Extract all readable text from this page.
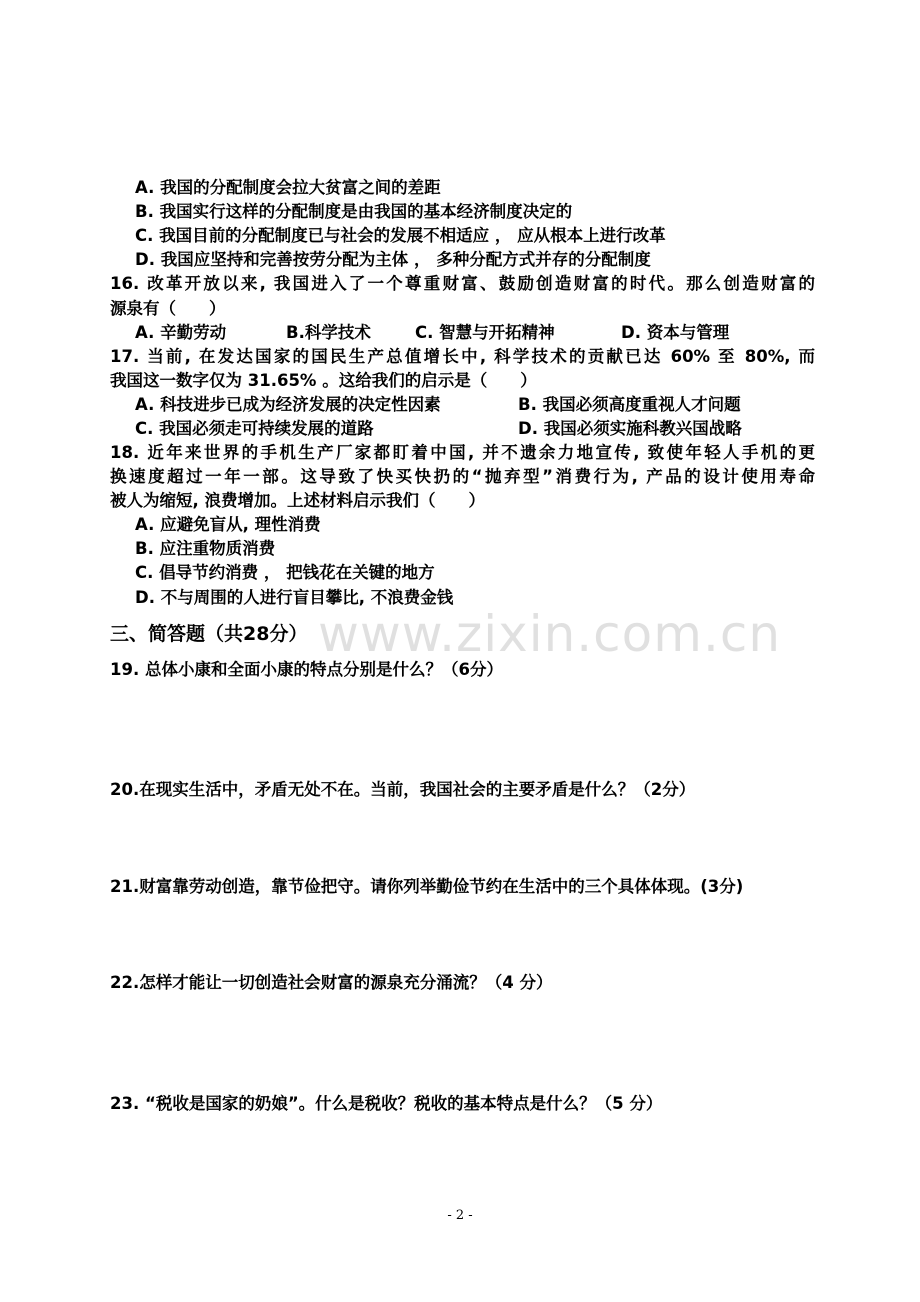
A. 我国的分配制度会拉大贫富之间的差距
B. 我国实行这样的分配制度是由我国的基本经济制度决定的
C. 我国目前的分配制度已与社会的发展不相适应 ， 应从根本上进行改革
D. 我国应坚持和完善按劳分配为主体 ， 多种分配方式并存的分配制度
16. 改革开放以来, 我国进入了一个尊重财富、鼓励创造财富的时代。那么创造财富的
源泉有（　　）
A. 辛勤劳动	B.科学技术	C. 智慧与开拓精神	D. 资本与管理
17. 当前, 在发达国家的国民生产总值增长中, 科学技术的贡献已达 60% 至 80%, 而
我国这一数字仅为 31.65% 。这给我们的启示是（　　）
A. 科技进步已成为经济发展的决定性因素	B. 我国必须高度重视人才问题
C. 我国必须走可持续发展的道路	D. 我国必须实施科教兴国战略
18. 近年来世界的手机生产厂家都盯着中国, 并不遗余力地宣传, 致使年轻人手机的更
换速度超过一年一部。这导致了快买快扔的“抛弃型”消费行为, 产品的设计使用寿命
被人为缩短, 浪费增加。上述材料启示我们（　　）
A. 应避免盲从, 理性消费
B. 应注重物质消费
C. 倡导节约消费 ， 把钱花在关键的地方
D. 不与周围的人进行盲目攀比, 不浪费金钱
www.zixin.com.cn
三、简答题（共28分）
19. 总体小康和全面小康的特点分别是什么？（6分）
20.在现实生活中，矛盾无处不在。当前，我国社会的主要矛盾是什么？（2分）
21.财富靠劳动创造，靠节俭把守。请你列举勤俭节约在生活中的三个具体体现。(3分)
22.怎样才能让一切创造社会财富的源泉充分涌流？（4 分）
23. “税收是国家的奶娘”。什么是税收？税收的基本特点是什么？（5 分）
- 2 -
